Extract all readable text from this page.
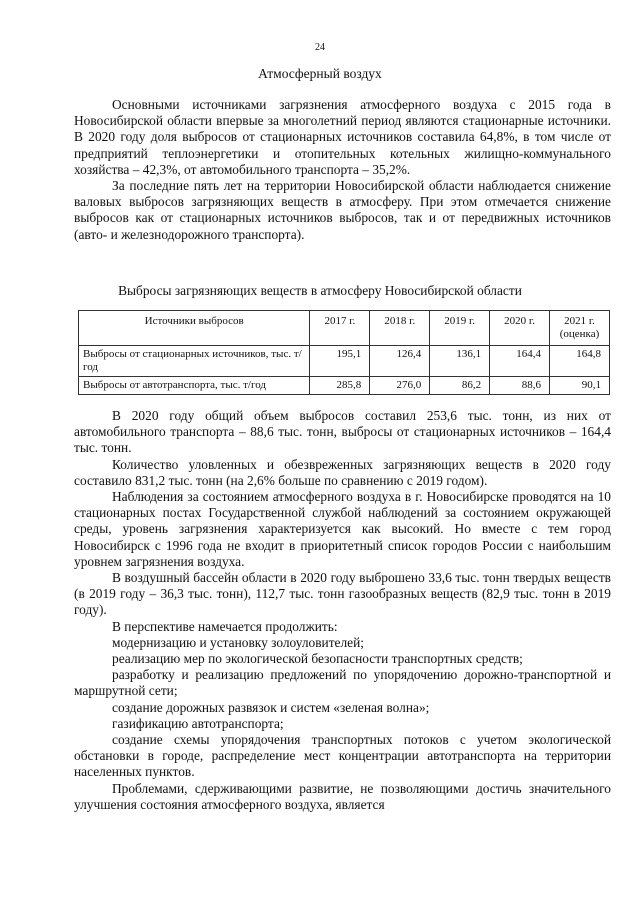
24
Атмосферный воздух

Основными источниками загрязнения атмосферного воздуха с 2015 года в Новосибирской области впервые за многолетний период являются стационарные источники. В 2020 году доля выбросов от стационарных источников составила 64,8%, в том числе от предприятий теплоэнергетики и отопительных котельных жилищно-коммунального хозяйства – 42,3%, от автомобильного транспорта – 35,2%.

За последние пять лет на территории Новосибирской области наблюдается снижение валовых выбросов загрязняющих веществ в атмосферу. При этом отмечается снижение выбросов как от стационарных источников выбросов, так и от передвижных источников (авто- и железнодорожного транспорта).

Выбросы загрязняющих веществ в атмосферу Новосибирской области
Источники выбросов	2017 г.	2018 г.	2019 г.	2020 г.	2021 г. (оценка)
Выбросы от стационарных источников, тыс. т/год	195,1	126,4	136,1	164,4	164,8
Выбросы от автотранспорта, тыс. т/год	285,8	276,0	86,2	88,6	90,1

В 2020 году общий объем выбросов составил 253,6 тыс. тонн, из них от автомобильного транспорта – 88,6 тыс. тонн, выбросы от стационарных источников – 164,4 тыс. тонн.

Количество уловленных и обезвреженных загрязняющих веществ в 2020 году составило 831,2 тыс. тонн (на 2,6% больше по сравнению с 2019 годом).

Наблюдения за состоянием атмосферного воздуха в г. Новосибирске проводятся на 10 стационарных постах Государственной службой наблюдений за состоянием окружающей среды, уровень загрязнения характеризуется как высокий. Но вместе с тем город Новосибирск с 1996 года не входит в приоритетный список городов России с наибольшим уровнем загрязнения воздуха.

В воздушный бассейн области в 2020 году выброшено 33,6 тыс. тонн твердых веществ (в 2019 году – 36,3 тыс. тонн), 112,7 тыс. тонн газообразных веществ (82,9 тыс. тонн в 2019 году).

В перспективе намечается продолжить:

модернизацию и установку золоуловителей;

реализацию мер по экологической безопасности транспортных средств;

разработку и реализацию предложений по упорядочению дорожно-транспортной и маршрутной сети;

создание дорожных развязок и систем «зеленая волна»;

газификацию автотранспорта;

создание схемы упорядочения транспортных потоков с учетом экологической обстановки в городе, распределение мест концентрации автотранспорта на территории населенных пунктов.

Проблемами, сдерживающими развитие, не позволяющими достичь значительного улучшения состояния атмосферного воздуха, является
